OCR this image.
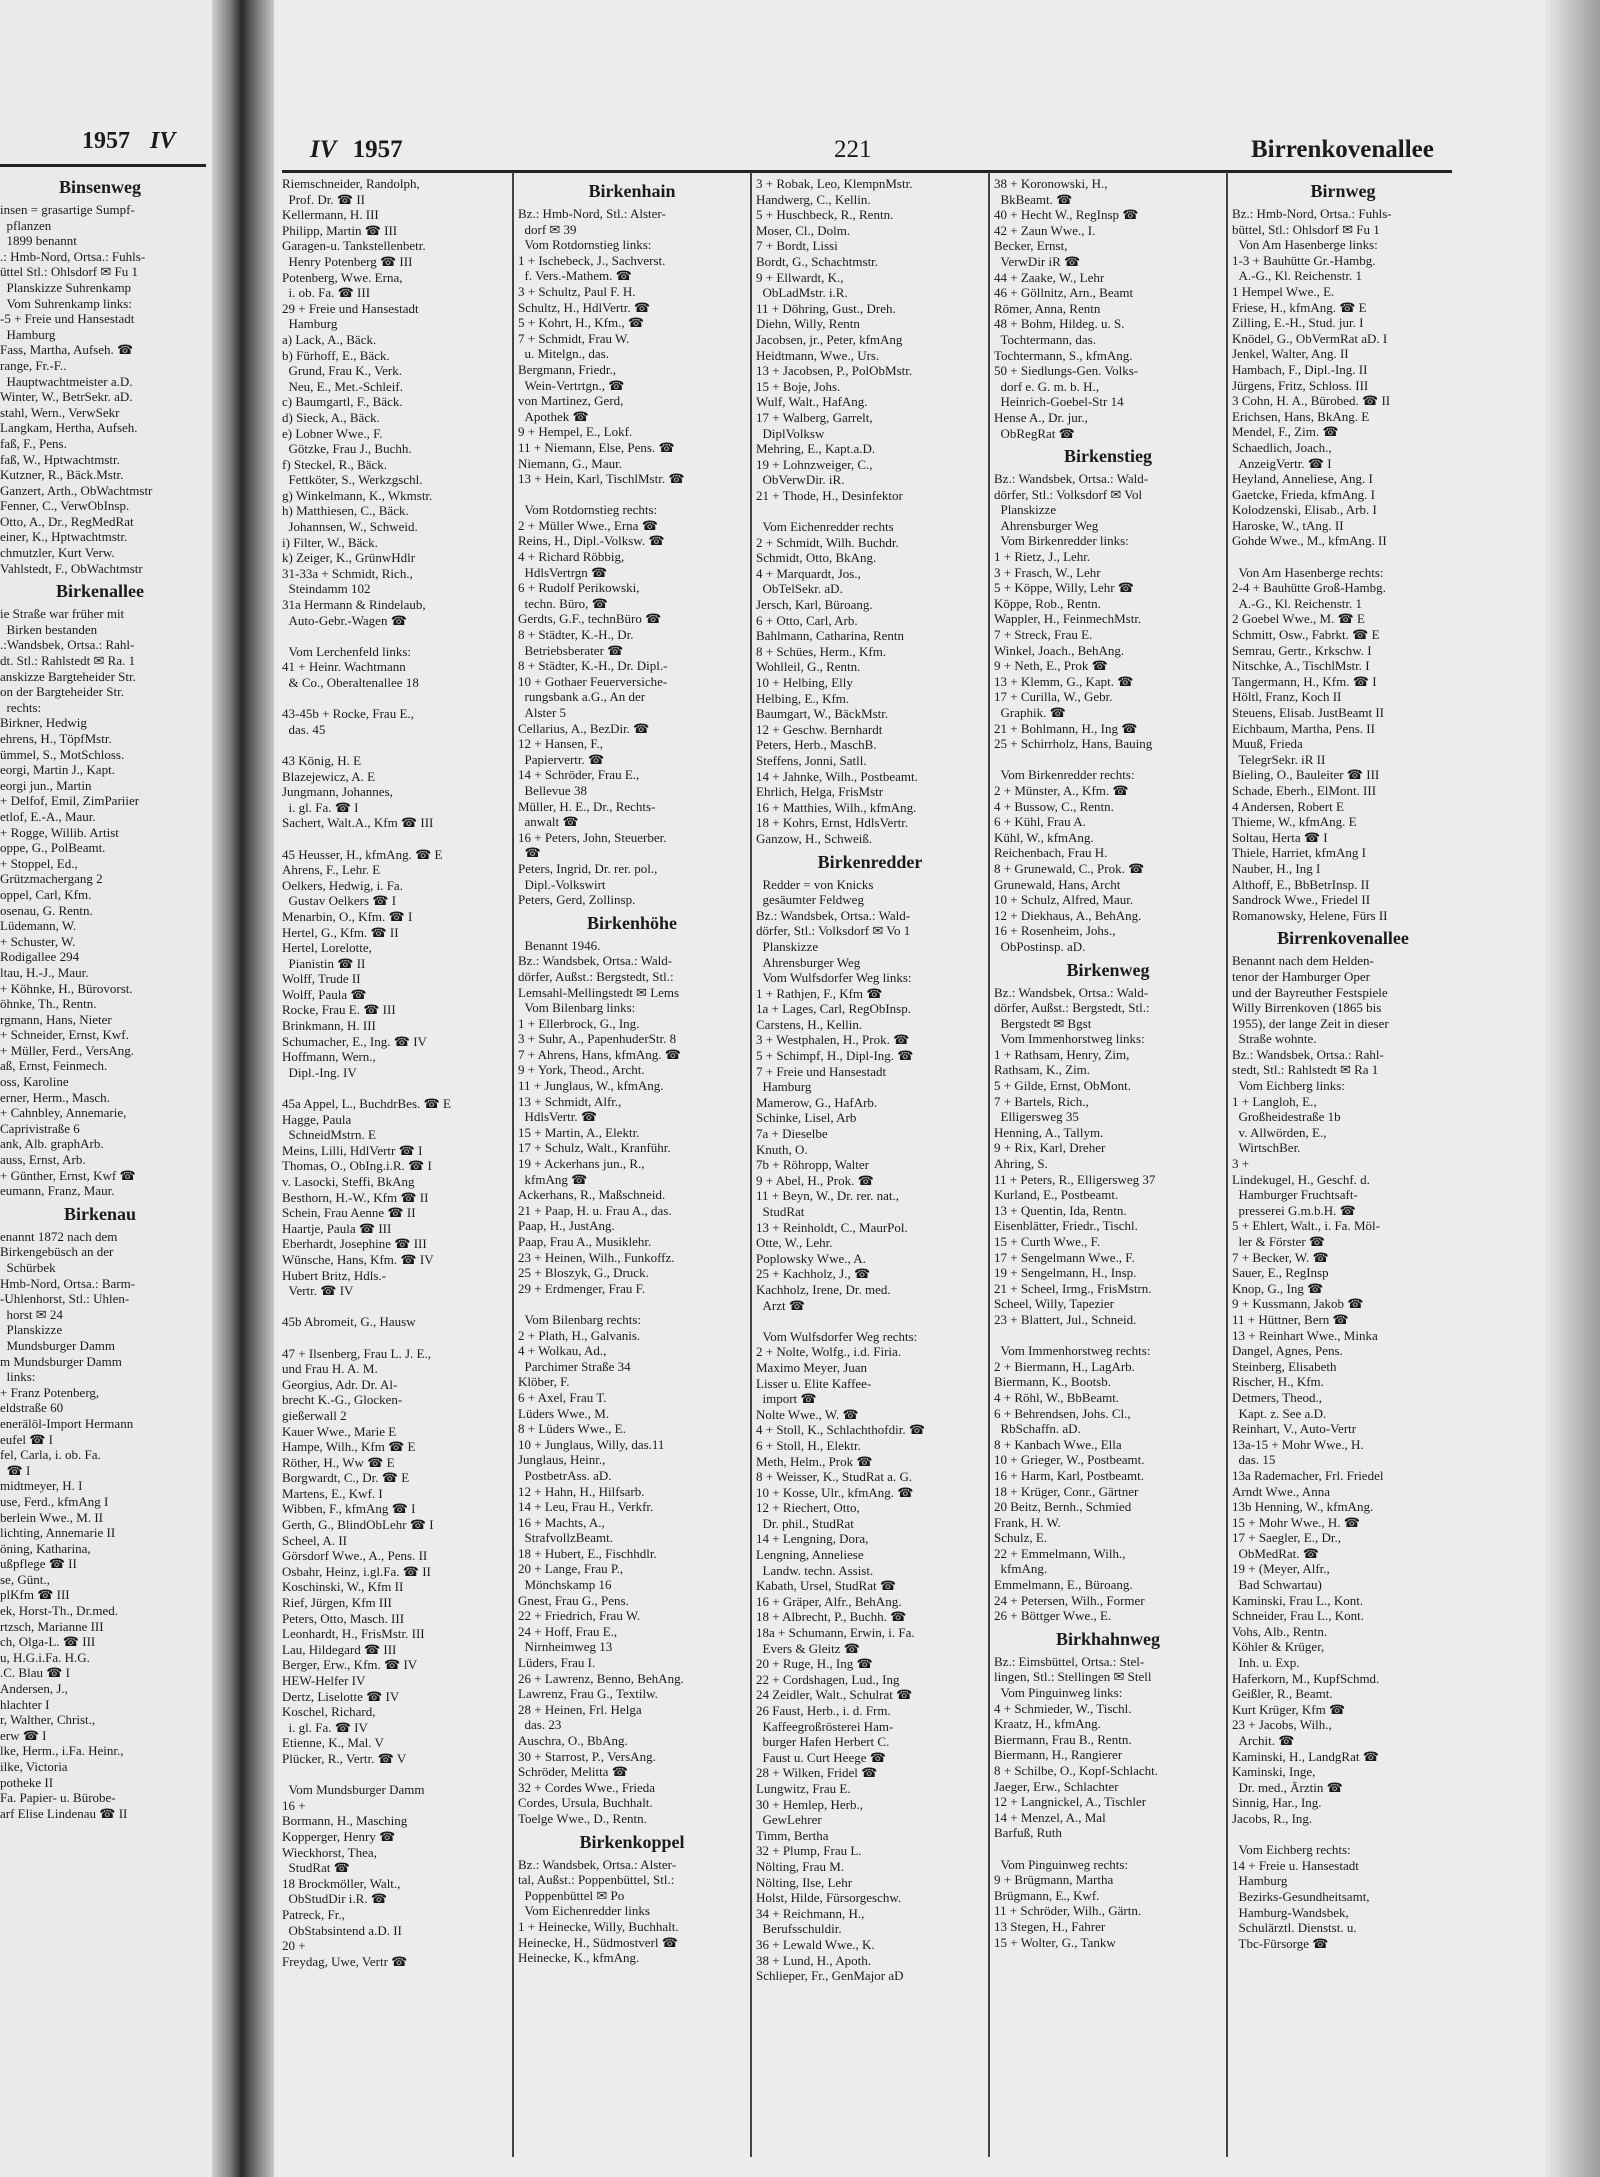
1957 IV
Binsenweg
insen = grasartige Sumpf-
pflanzen
1899 benannt
.: Hmb-Nord, Ortsa.: Fuhls-
üttel Stl.: Ohlsdorf ✉ Fu 1
Planskizze Suhrenkamp
Vom Suhrenkamp links:
-5 + Freie und Hansestadt
Hamburg
Fass, Martha, Aufseh. ☎
range, Fr.-F..
Hauptwachtmeister a.D.
Winter, W., BetrSekr. aD.
stahl, Wern., VerwSekr
Langkam, Hertha, Aufseh.
faß, F., Pens.
faß, W., Hptwachtmstr.
Kutzner, R., Bäck.Mstr.
Ganzert, Arth., ObWachtmstr
Fenner, C., VerwObInsp.
Otto, A., Dr., RegMedRat
einer, K., Hptwachtmstr.
chmutzler, Kurt Verw.
Vahlstedt, F., ObWachtmstr
Birkenallee
ie Straße war früher mit
Birken bestanden
.:Wandsbek, Ortsa.: Rahl-
dt. Stl.: Rahlstedt ✉ Ra. 1
anskizze Bargteheider Str.
on der Bargteheider Str.
rechts:
Birkner, Hedwig
ehrens, H., TöpfMstr.
ümmel, S., MotSchloss.
eorgi, Martin J., Kapt.
eorgi jun., Martin
+ Delfof, Emil, ZimPariier
etlof, E.-A., Maur.
+ Rogge, Willib. Artist
oppe, G., PolBeamt.
+ Stoppel, Ed.,
Grützmachergang 2
oppel, Carl, Kfm.
osenau, G. Rentn.
Lüdemann, W.
+ Schuster, W.
Rodigallee 294
ltau, H.-J., Maur.
+ Köhnke, H., Bürovorst.
öhnke, Th., Rentn.
rgmann, Hans, Nieter
+ Schneider, Ernst, Kwf.
+ Müller, Ferd., VersAng.
aß, Ernst, Feinmech.
oss, Karoline
erner, Herm., Masch.
+ Cahnbley, Annemarie,
Caprivistraße 6
ank, Alb. graphArb.
auss, Ernst, Arb.
+ Günther, Ernst, Kwf ☎
eumann, Franz, Maur.
Birkenau
enannt 1872 nach dem
Birkengebüsch an der
Schürbek
Hmb-Nord, Ortsa.: Barm-
-Uhlenhorst, Stl.: Uhlen-
horst ✉ 24
Planskizze
Mundsburger Damm
m Mundsburger Damm
links:
+ Franz Potenberg,
eldstraße 60
enerälöl-Import Hermann
eufel ☎ I
fel, Carla, i. ob. Fa.
☎ I
midtmeyer, H. I
use, Ferd., kfmAng I
berlein Wwe., M. II
lichting, Annemarie II
öning, Katharina,
ußpflege ☎ II
se, Günt.,
plKfm ☎ III
ek, Horst-Th., Dr.med.
rtzsch, Marianne III
ch, Olga-L. ☎ III
u, H.G.i.Fa. H.G.
.C. Blau ☎ I
Andersen, J.,
hlachter I
r, Walther, Christ.,
erw ☎ I
lke, Herm., i.Fa. Heinr.,
ilke, Victoria
potheke II
Fa. Papier- u. Bürobe-
arf Elise Lindenau ☎ II
IV 1957	221	Birrenkovenallee
Riemschneider, Randolph,
Prof. Dr. ☎ II
Kellermann, H. III
Philipp, Martin ☎ III
Garagen-u. Tankstellenbetr.
Henry Potenberg ☎ III
Potenberg, Wwe. Erna,
i. ob. Fa. ☎ III
29 + Freie und Hansestadt
Hamburg
a) Lack, A., Bäck.
b) Fürhoff, E., Bäck.
Grund, Frau K., Verk.
Neu, E., Met.-Schleif.
c) Baumgartl, F., Bäck.
d) Sieck, A., Bäck.
e) Lobner Wwe., F.
Götzke, Frau J., Buchh.
f) Steckel, R., Bäck.
Fettköter, S., Werkzgschl.
g) Winkelmann, K., Wkmstr.
h) Matthiesen, C., Bäck.
Johannsen, W., Schweid.
i) Filter, W., Bäck.
k) Zeiger, K., GrünwHdlr
31-33a + Schmidt, Rich.,
Steindamm 102
31a Hermann & Rindelaub,
Auto-Gebr.-Wagen ☎

Vom Lerchenfeld links:
41 + Heinr. Wachtmann
& Co., Oberaltenallee 18

43-45b + Rocke, Frau E.,
das. 45

43 König, H. E
Blazejewicz, A. E
Jungmann, Johannes,
i. gl. Fa. ☎ I
Sachert, Walt.A., Kfm ☎ III

45 Heusser, H., kfmAng. ☎ E
Ahrens, F., Lehr. E
Oelkers, Hedwig, i. Fa.
Gustav Oelkers ☎ I
Menarbin, O., Kfm. ☎ I
Hertel, G., Kfm. ☎ II
Hertel, Lorelotte,
Pianistin ☎ II
Wolff, Trude II
Wolff, Paula ☎
Rocke, Frau E. ☎ III
Brinkmann, H. III
Schumacher, E., Ing. ☎ IV
Hoffmann, Wern.,
Dipl.-Ing. IV

45a Appel, L., BuchdrBes. ☎ E
Hagge, Paula
SchneidMstrn. E
Meins, Lilli, HdlVertr ☎ I
Thomas, O., ObIng.i.R. ☎ I
v. Lasocki, Steffi, BkAng
Besthorn, H.-W., Kfm ☎ II
Schein, Frau Aenne ☎ II
Haartje, Paula ☎ III
Eberhardt, Josephine ☎ III
Wünsche, Hans, Kfm. ☎ IV
Hubert Britz, Hdls.-
Vertr. ☎ IV

45b Abromeit, G., Hausw

47 + Ilsenberg, Frau L. J. E.,
und Frau H. A. M.
Georgius, Adr. Dr. Al-
brecht K.-G., Glocken-
gießerwall 2
Kauer Wwe., Marie E
Hampe, Wilh., Kfm ☎ E
Röther, H., Ww ☎ E
Borgwardt, C., Dr. ☎ E
Martens, E., Kwf. I
Wibben, F., kfmAng ☎ I
Gerth, G., BlindObLehr ☎ I
Scheel, A. II
Görsdorf Wwe., A., Pens. II
Osbahr, Heinz, i.gl.Fa. ☎ II
Koschinski, W., Kfm II
Rief, Jürgen, Kfm III
Peters, Otto, Masch. III
Leonhardt, H., FrisMstr. III
Lau, Hildegard ☎ III
Berger, Erw., Kfm. ☎ IV
HEW-Helfer IV
Dertz, Liselotte ☎ IV
Koschel, Richard,
i. gl. Fa. ☎ IV
Etienne, K., Mal. V
Plücker, R., Vertr. ☎ V

Vom Mundsburger Damm
16 +
Bormann, H., Masching
Kopperger, Henry ☎
Wieckhorst, Thea,
StudRat ☎
18 Brockmöller, Walt.,
ObStudDir i.R. ☎
Patreck, Fr.,
ObStabsintend a.D. II
20 +
Freydag, Uwe, Vertr ☎
Birkenhain
Bz.: Hmb-Nord, Stl.: Alster-
dorf ✉ 39
Vom Rotdornstieg links:
1 + Ischebeck, J., Sachverst.
f. Vers.-Mathem. ☎
3 + Schultz, Paul F. H.
Schultz, H., HdlVertr. ☎
5 + Kohrt, H., Kfm., ☎
7 + Schmidt, Frau W.
u. Mitelgn., das.
Bergmann, Friedr.,
Wein-Vertrtgn., ☎
von Martinez, Gerd,
Apothek ☎
9 + Hempel, E., Lokf.
11 + Niemann, Else, Pens. ☎
Niemann, G., Maur.
13 + Hein, Karl, TischlMstr. ☎

Vom Rotdornstieg rechts:
2 + Müller Wwe., Erna ☎
Reins, H., Dipl.-Volksw. ☎
4 + Richard Röbbig,
HdlsVertrgn ☎
6 + Rudolf Perikowski,
techn. Büro, ☎
Gerdts, G.F., technBüro ☎
8 + Städter, K.-H., Dr.
Betriebsberater ☎
8 + Städter, K.-H., Dr. Dipl.-
10 + Gothaer Feuerversiche-
rungsbank a.G., An der
Alster 5
Cellarius, A., BezDir. ☎
12 + Hansen, F.,
Papiervertr. ☎
14 + Schröder, Frau E.,
Bellevue 38
Müller, H. E., Dr., Rechts-
anwalt ☎
16 + Peters, John, Steuerber.
☎
Peters, Ingrid, Dr. rer. pol.,
Dipl.-Volkswirt
Peters, Gerd, Zollinsp.
Birkenhöhe
Benannt 1946.
Bz.: Wandsbek, Ortsa.: Wald-
dörfer, Außst.: Bergstedt, Stl.:
Lemsahl-Mellingstedt ✉ Lems
Vom Bilenbarg links:
1 + Ellerbrock, G., Ing.
3 + Suhr, A., PapenhuderStr. 8
7 + Ahrens, Hans, kfmAng. ☎
9 + York, Theod., Archt.
11 + Junglaus, W., kfmAng.
13 + Schmidt, Alfr.,
HdlsVertr. ☎
15 + Martin, A., Elektr.
17 + Schulz, Walt., Kranführ.
19 + Ackerhans jun., R.,
kfmAng ☎
Ackerhans, R., Maßschneid.
21 + Paap, H. u. Frau A., das.
Paap, H., JustAng.
Paap, Frau A., Musiklehr.
23 + Heinen, Wilh., Funkoffz.
25 + Bloszyk, G., Druck.
29 + Erdmenger, Frau F.

Vom Bilenbarg rechts:
2 + Plath, H., Galvanis.
4 + Wolkau, Ad.,
Parchimer Straße 34
Klöber, F.
6 + Axel, Frau T.
Lüders Wwe., M.
8 + Lüders Wwe., E.
10 + Junglaus, Willy, das.11
Junglaus, Heinr.,
PostbetrAss. aD.
12 + Hahn, H., Hilfsarb.
14 + Leu, Frau H., Verkfr.
16 + Machts, A.,
StrafvollzBeamt.
18 + Hubert, E., Fischhdlr.
20 + Lange, Frau P.,
Mönchskamp 16
Gnest, Frau G., Pens.
22 + Friedrich, Frau W.
24 + Hoff, Frau E.,
Nirnheimweg 13
Lüders, Frau I.
26 + Lawrenz, Benno, BehAng.
Lawrenz, Frau G., Textilw.
28 + Heinen, Frl. Helga
das. 23
Auschra, O., BbAng.
30 + Starrost, P., VersAng.
Schröder, Melitta ☎
32 + Cordes Wwe., Frieda
Cordes, Ursula, Buchhalt.
Toelge Wwe., D., Rentn.
Birkenkoppel
Bz.: Wandsbek, Ortsa.: Alster-
tal, Außst.: Poppenbüttel, Stl.:
Poppenbüttel ✉ Po
Vom Eichenredder links
1 + Heinecke, Willy, Buchhalt.
Heinecke, H., Südmostverl ☎
Heinecke, K., kfmAng.
3 + Robak, Leo, KlempnMstr.
Handwerg, C., Kellin.
5 + Huschbeck, R., Rentn.
Moser, Cl., Dolm.
7 + Bordt, Lissi
Bordt, G., Schachtmstr.
9 + Ellwardt, K.,
ObLadMstr. i.R.
11 + Döhring, Gust., Dreh.
Diehn, Willy, Rentn
Jacobsen, jr., Peter, kfmAng
Heidtmann, Wwe., Urs.
13 + Jacobsen, P., PolObMstr.
15 + Boje, Johs.
Wulf, Walt., HafAng.
17 + Walberg, Garrelt,
DiplVolksw
Mehring, E., Kapt.a.D.
19 + Lohnzweiger, C.,
ObVerwDir. iR.
21 + Thode, H., Desinfektor

Vom Eichenredder rechts
2 + Schmidt, Wilh. Buchdr.
Schmidt, Otto, BkAng.
4 + Marquardt, Jos.,
ObTelSekr. aD.
Jersch, Karl, Büroang.
6 + Otto, Carl, Arb.
Bahlmann, Catharina, Rentn
8 + Schües, Herm., Kfm.
Wohlleil, G., Rentn.
10 + Helbing, Elly
Helbing, E., Kfm.
Baumgart, W., BäckMstr.
12 + Geschw. Bernhardt
Peters, Herb., MaschB.
Steffens, Jonni, Satll.
14 + Jahnke, Wilh., Postbeamt.
Ehrlich, Helga, FrisMstr
16 + Matthies, Wilh., kfmAng.
18 + Kohrs, Ernst, HdlsVertr.
Ganzow, H., Schweiß.
Birkenredder
Redder = von Knicks
gesäumter Feldweg
Bz.: Wandsbek, Ortsa.: Wald-
dörfer, Stl.: Volksdorf ✉ Vo 1
Planskizze
Ahrensburger Weg
Vom Wulfsdorfer Weg links:
1 + Rathjen, F., Kfm ☎
1a + Lages, Carl, RegObInsp.
Carstens, H., Kellin.
3 + Westphalen, H., Prok. ☎
5 + Schimpf, H., Dipl-Ing. ☎
7 + Freie und Hansestadt
Hamburg
Mamerow, G., HafArb.
Schinke, Lisel, Arb
7a + Dieselbe
Knuth, O.
7b + Röhropp, Walter
9 + Abel, H., Prok. ☎
11 + Beyn, W., Dr. rer. nat.,
StudRat
13 + Reinholdt, C., MaurPol.
Otte, W., Lehr.
Poplowsky Wwe., A.
25 + Kachholz, J., ☎
Kachholz, Irene, Dr. med.
Arzt ☎

Vom Wulfsdorfer Weg rechts:
2 + Nolte, Wolfg., i.d. Firia.
Maximo Meyer, Juan
Lisser u. Elite Kaffee-
import ☎
Nolte Wwe., W. ☎
4 + Stoll, K., Schlachthofdir. ☎
6 + Stoll, H., Elektr.
Meth, Helm., Prok ☎
8 + Weisser, K., StudRat a. G.
10 + Kosse, Ulr., kfmAng. ☎
12 + Riechert, Otto,
Dr. phil., StudRat
14 + Lengning, Dora,
Lengning, Anneliese
Landw. techn. Assist.
Kabath, Ursel, StudRat ☎
16 + Gräper, Alfr., BehAng.
18 + Albrecht, P., Buchh. ☎
18a + Schumann, Erwin, i. Fa.
Evers & Gleitz ☎
20 + Ruge, H., Ing ☎
22 + Cordshagen, Lud., Ing
24 Zeidler, Walt., Schulrat ☎
26 Faust, Herb., i. d. Frm.
Kaffeegroßrösterei Ham-
burger Hafen Herbert C.
Faust u. Curt Heege ☎
28 + Wilken, Fridel ☎
Lungwitz, Frau E.
30 + Hemlep, Herb.,
GewLehrer
Timm, Bertha
32 + Plump, Frau L.
Nölting, Frau M.
Nölting, Ilse, Lehr
Holst, Hilde, Fürsorgeschw.
34 + Reichmann, H.,
Berufsschuldir.
36 + Lewald Wwe., K.
38 + Lund, H., Apoth.
Schlieper, Fr., GenMajor aD
38 + Koronowski, H.,
BkBeamt. ☎
40 + Hecht W., RegInsp ☎
42 + Zaun Wwe., I.
Becker, Ernst,
VerwDir iR ☎
44 + Zaake, W., Lehr
46 + Göllnitz, Arn., Beamt
Römer, Anna, Rentn
48 + Bohm, Hildeg. u. S.
Tochtermann, das.
Tochtermann, S., kfmAng.
50 + Siedlungs-Gen. Volks-
dorf e. G. m. b. H.,
Heinrich-Goebel-Str 14
Hense A., Dr. jur.,
ObRegRat ☎
Birkenstieg
Bz.: Wandsbek, Ortsa.: Wald-
dörfer, Stl.: Volksdorf ✉ Vol
Planskizze
Ahrensburger Weg
Vom Birkenredder links:
1 + Rietz, J., Lehr.
3 + Frasch, W., Lehr
5 + Köppe, Willy, Lehr ☎
Köppe, Rob., Rentn.
Wappler, H., FeinmechMstr.
7 + Streck, Frau E.
Winkel, Joach., BehAng.
9 + Neth, E., Prok ☎
13 + Klemm, G., Kapt. ☎
17 + Curilla, W., Gebr.
Graphik. ☎
21 + Bohlmann, H., Ing ☎
25 + Schirrholz, Hans, Bauing

Vom Birkenredder rechts:
2 + Münster, A., Kfm. ☎
4 + Bussow, C., Rentn.
6 + Kühl, Frau A.
Kühl, W., kfmAng.
Reichenbach, Frau H.
8 + Grunewald, C., Prok. ☎
Grunewald, Hans, Archt
10 + Schulz, Alfred, Maur.
12 + Diekhaus, A., BehAng.
16 + Rosenheim, Johs.,
ObPostinsp. aD.
Birkenweg
Bz.: Wandsbek, Ortsa.: Wald-
dörfer, Außst.: Bergstedt, Stl.:
Bergstedt ✉ Bgst
Vom Immenhorstweg links:
1 + Rathsam, Henry, Zim,
Rathsam, K., Zim.
5 + Gilde, Ernst, ObMont.
7 + Bartels, Rich.,
Elligersweg 35
Henning, A., Tallym.
9 + Rix, Karl, Dreher
Ahring, S.
11 + Peters, R., Elligersweg 37
Kurland, E., Postbeamt.
13 + Quentin, Ida, Rentn.
Eisenblätter, Friedr., Tischl.
15 + Curth Wwe., F.
17 + Sengelmann Wwe., F.
19 + Sengelmann, H., Insp.
21 + Scheel, Irmg., FrisMstrn.
Scheel, Willy, Tapezier
23 + Blattert, Jul., Schneid.

Vom Immenhorstweg rechts:
2 + Biermann, H., LagArb.
Biermann, K., Bootsb.
4 + Röhl, W., BbBeamt.
6 + Behrendsen, Johs. Cl.,
RbSchaffn. aD.
8 + Kanbach Wwe., Ella
10 + Grieger, W., Postbeamt.
16 + Harm, Karl, Postbeamt.
18 + Krüger, Conr., Gärtner
20 Beitz, Bernh., Schmied
Frank, H. W.
Schulz, E.
22 + Emmelmann, Wilh.,
kfmAng.
Emmelmann, E., Büroang.
24 + Petersen, Wilh., Former
26 + Böttger Wwe., E.
Birkhahnweg
Bz.: Eimsbüttel, Ortsa.: Stel-
lingen, Stl.: Stellingen ✉ Stell
Vom Pinguinweg links:
4 + Schmieder, W., Tischl.
Kraatz, H., kfmAng.
Biermann, Frau B., Rentn.
Biermann, H., Rangierer
8 + Schilbe, O., Kopf-Schlacht.
Jaeger, Erw., Schlachter
12 + Langnickel, A., Tischler
14 + Menzel, A., Mal
Barfuß, Ruth

Vom Pinguinweg rechts:
9 + Brügmann, Martha
Brügmann, E., Kwf.
11 + Schröder, Wilh., Gärtn.
13 Stegen, H., Fahrer
15 + Wolter, G., Tankw
Birnweg
Bz.: Hmb-Nord, Ortsa.: Fuhls-
büttel, Stl.: Ohlsdorf ✉ Fu 1
Von Am Hasenberge links:
1-3 + Bauhütte Gr.-Hambg.
A.-G., Kl. Reichenstr. 1
1 Hempel Wwe., E.
Friese, H., kfmAng. ☎ E
Zilling, E.-H., Stud. jur. I
Knödel, G., ObVermRat aD. I
Jenkel, Walter, Ang. II
Hambach, F., Dipl.-Ing. II
Jürgens, Fritz, Schloss. III
3 Cohn, H. A., Bürobed. ☎ II
Erichsen, Hans, BkAng. E
Mendel, F., Zim. ☎
Schaedlich, Joach.,
AnzeigVertr. ☎ I
Heyland, Anneliese, Ang. I
Gaetcke, Frieda, kfmAng. I
Kolodzenski, Elisab., Arb. I
Haroske, W., tAng. II
Gohde Wwe., M., kfmAng. II

Von Am Hasenberge rechts:
2-4 + Bauhütte Groß-Hambg.
A.-G., Kl. Reichenstr. 1
2 Goebel Wwe., M. ☎ E
Schmitt, Osw., Fabrkt. ☎ E
Semrau, Gertr., Krkschw. I
Nitschke, A., TischlMstr. I
Tangermann, H., Kfm. ☎ I
Höltl, Franz, Koch II
Steuens, Elisab. JustBeamt II
Eichbaum, Martha, Pens. II
Muuß, Frieda
TelegrSekr. iR II
Bieling, O., Bauleiter ☎ III
Schade, Eberh., ElMont. III
4 Andersen, Robert E
Thieme, W., kfmAng. E
Soltau, Herta ☎ I
Thiele, Harriet, kfmAng I
Nauber, H., Ing I
Althoff, E., BbBetrInsp. II
Sandrock Wwe., Friedel II
Romanowsky, Helene, Fürs II
Birrenkovenallee
Benannt nach dem Helden-
tenor der Hamburger Oper
und der Bayreuther Festspiele
Willy Birrenkoven (1865 bis
1955), der lange Zeit in dieser
Straße wohnte.
Bz.: Wandsbek, Ortsa.: Rahl-
stedt, Stl.: Rahlstedt ✉ Ra 1
Vom Eichberg links:
1 + Langloh, E.,
Großheidestraße 1b
v. Allwörden, E.,
WirtschBer.
3 +
Lindekugel, H., Geschf. d.
Hamburger Fruchtsaft-
presserei G.m.b.H. ☎
5 + Ehlert, Walt., i. Fa. Möl-
ler & Förster ☎
7 + Becker, W. ☎
Sauer, E., RegInsp
Knop, G., Ing ☎
9 + Kussmann, Jakob ☎
11 + Hüttner, Bern ☎
13 + Reinhart Wwe., Minka
Dangel, Agnes, Pens.
Steinberg, Elisabeth
Rischer, H., Kfm.
Detmers, Theod.,
Kapt. z. See a.D.
Reinhart, V., Auto-Vertr
13a-15 + Mohr Wwe., H.
das. 15
13a Rademacher, Frl. Friedel
Arndt Wwe., Anna
13b Henning, W., kfmAng.
15 + Mohr Wwe., H. ☎
17 + Saegler, E., Dr.,
ObMedRat. ☎
19 + (Meyer, Alfr.,
Bad Schwartau)
Kaminski, Frau L., Kont.
Schneider, Frau L., Kont.
Vohs, Alb., Rentn.
Köhler & Krüger,
Inh. u. Exp.
Haferkorn, M., KupfSchmd.
Geißler, R., Beamt.
Kurt Krüger, Kfm ☎
23 + Jacobs, Wilh.,
Archit. ☎
Kaminski, H., LandgRat ☎
Kaminski, Inge,
Dr. med., Ärztin ☎
Sinnig, Har., Ing.
Jacobs, R., Ing.

Vom Eichberg rechts:
14 + Freie u. Hansestadt
Hamburg
Bezirks-Gesundheitsamt,
Hamburg-Wandsbek,
Schulärztl. Dienstst. u.
Tbc-Fürsorge ☎
